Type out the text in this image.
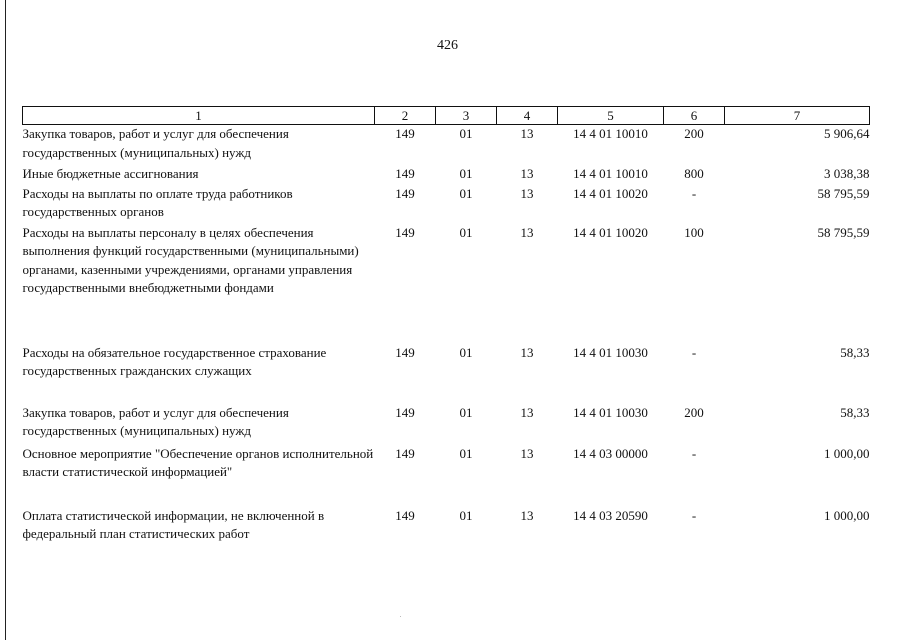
426
1	2	3	4	5	6	7
Закупка товаров, работ и услуг для обеспечения государственных (муниципальных) нужд	149	01	13	14 4 01 10010	200	5 906,64
Иные бюджетные ассигнования	149	01	13	14 4 01 10010	800	3 038,38
Расходы на выплаты по оплате труда работников государственных органов	149	01	13	14 4 01 10020	-	58 795,59
Расходы на выплаты персоналу в целях обеспечения выполнения функций государственными (муниципальными) органами, казенными учреждениями, органами управления государственными внебюджетными фондами	149	01	13	14 4 01 10020	100	58 795,59
Расходы на обязательное государственное страхование государственных гражданских служащих	149	01	13	14 4 01 10030	-	58,33
Закупка товаров, работ и услуг для обеспечения государственных (муниципальных) нужд	149	01	13	14 4 01 10030	200	58,33
Основное мероприятие "Обеспечение органов исполнительной власти статистической информацией"	149	01	13	14 4 03 00000	-	1 000,00
Оплата статистической информации, не включенной в федеральный план статистических работ	149	01	13	14 4 03 20590	-	1 000,00
